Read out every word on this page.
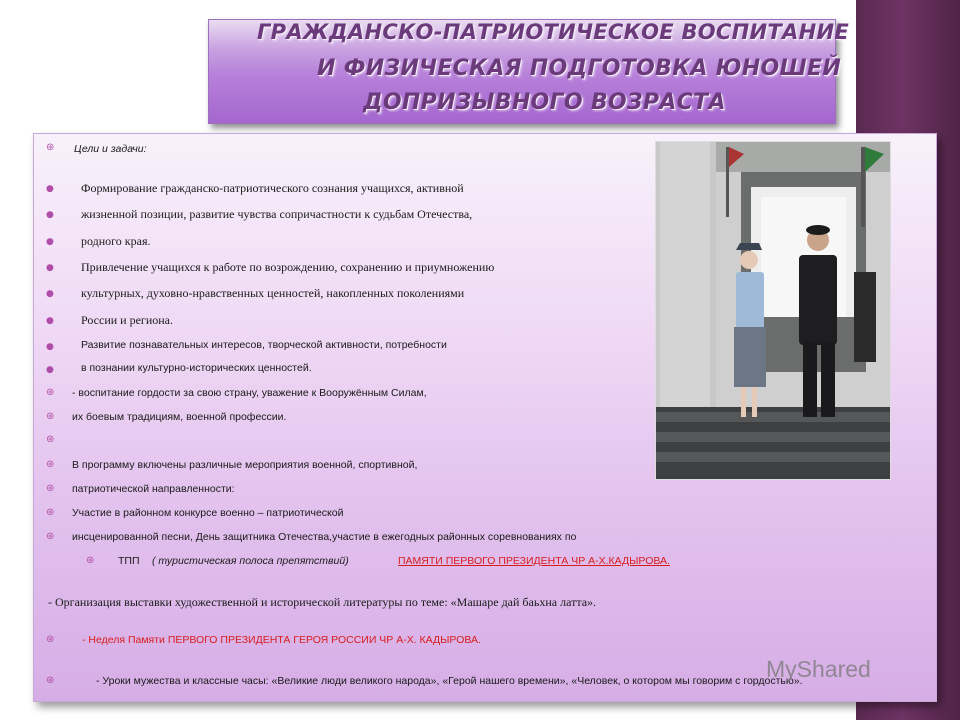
ГРАЖДАНСКО-ПАТРИОТИЧЕСКОЕ ВОСПИТАНИЕ
И ФИЗИЧЕСКАЯ ПОДГОТОВКА ЮНОШЕЙ
ДОПРИЗЫВНОГО ВОЗРАСТА
⊛ Цели и задачи:
● Формирование гражданско-патриотического сознания учащихся, активной
● жизненной позиции, развитие чувства сопричастности к судьбам Отечества,
● родного края.
● Привлечение учащихся к работе по возрождению, сохранению и приумножению
● культурных, духовно-нравственных ценностей, накопленных поколениями
● России и региона.
●	Развитие познавательных интересов, творческой активности, потребности
●	в познании культурно-исторических ценностей.
⊛ - воспитание гордости за свою страну, уважение к Вооружённым Силам,
⊛ их боевым традициям, военной профессии.
⊛
⊛ В программу включены различные мероприятия военной, спортивной,
⊛ патриотической направленности:
⊛ Участие в районном конкурсе военно – патриотической
⊛ инсценированной песни, День защитника Отечества,участие в ежегодных районных соревнованиях по
⊛ ТПП ( туристическая полоса препятствий)	ПАМЯТИ ПЕРВОГО ПРЕЗИДЕНТА ЧР А-Х.КАДЫРОВА.
- Организация выставки художественной и исторической литературы по теме: «Машаре дай баьхна латта».
⊛	- Неделя Памяти ПЕРВОГО ПРЕЗИДЕНТА ГЕРОЯ РОССИИ ЧР А-Х. КАДЫРОВА.
⊛	- Уроки мужества и классные часы: «Великие люди великого народа», «Герой нашего времени», «Человек, о котором мы говорим с гордостью».
MyShared
